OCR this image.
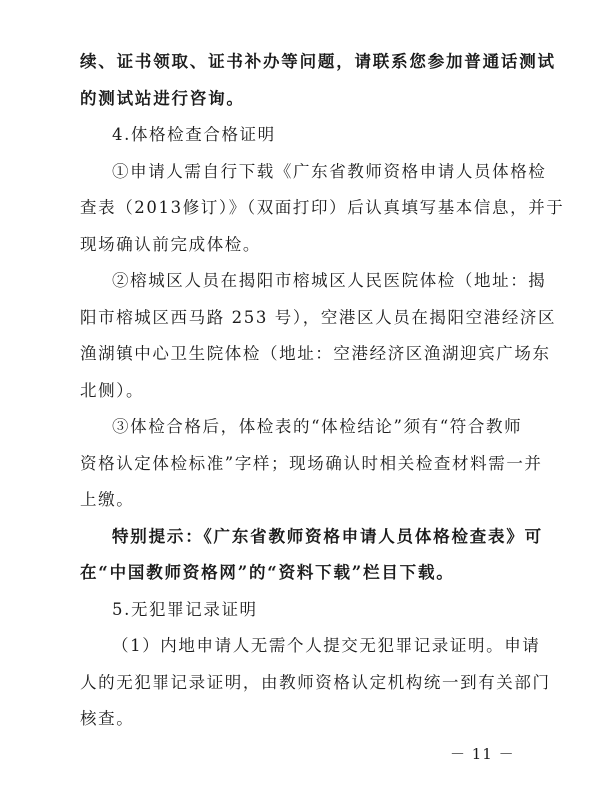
续、证书领取、证书补办等问题，请联系您参加普通话测试
的测试站进行咨询。
4.体格检查合格证明
①申请人需自行下载《广东省教师资格申请人员体格检
查表（2013修订）》（双面打印）后认真填写基本信息，并于
现场确认前完成体检。
②榕城区人员在揭阳市榕城区人民医院体检（地址：揭
阳市榕城区西马路 253 号），空港区人员在揭阳空港经济区
渔湖镇中心卫生院体检（地址：空港经济区渔湖迎宾广场东
北侧）。
③体检合格后，体检表的“体检结论”须有“符合教师
资格认定体检标准”字样；现场确认时相关检查材料需一并
上缴。
特别提示：《广东省教师资格申请人员体格检查表》可
在“中国教师资格网”的“资料下载”栏目下载。
5.无犯罪记录证明
（1）内地申请人无需个人提交无犯罪记录证明。申请
人的无犯罪记录证明，由教师资格认定机构统一到有关部门
核查。
－ 11 －
